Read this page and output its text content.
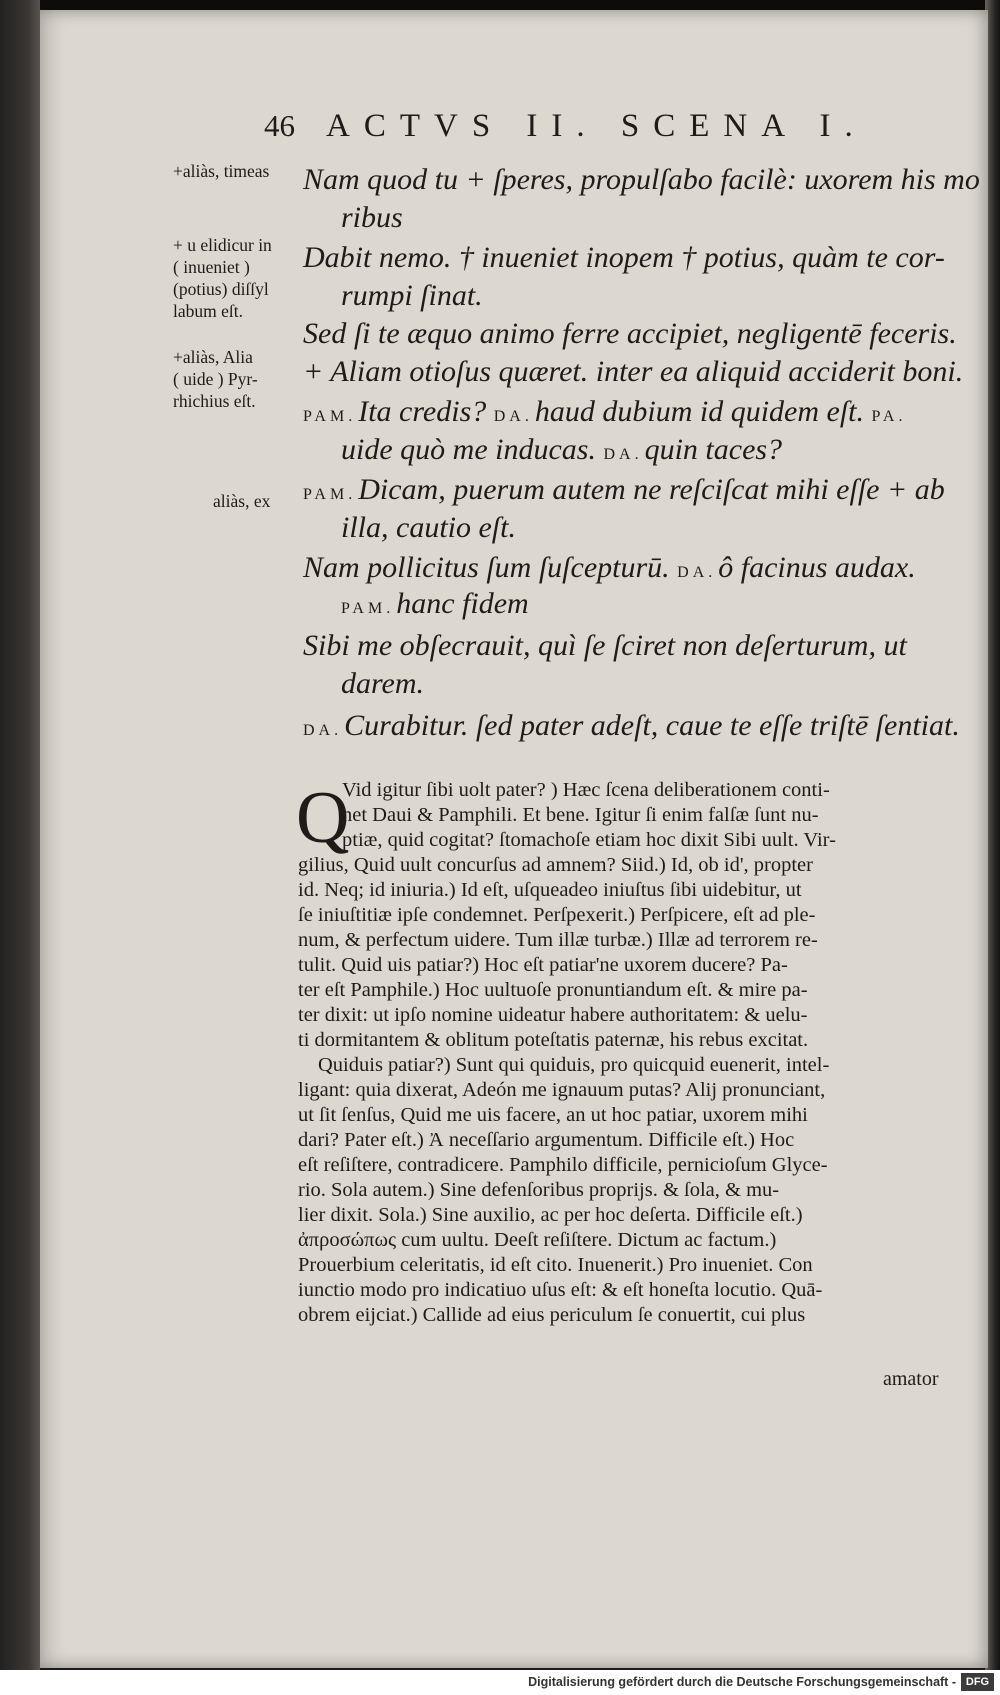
46 ACTVS II. SCENA I.
+aliàs, timeas
+ u elidicur in
( inueniet )
(potius) diſſyl
labum eſt.
+aliàs, Alia
( uide ) Pyr-
rhichius eſt.
aliàs, ex
Nam quod tu + ſperes, propulſabo facilè: uxorem his mo
ribus
Dabit nemo. † inueniet inopem † potius, quàm te cor-
rumpi ſinat.
Sed ſi te æquo animo ferre accipiet, negligentē feceris.
+ Aliam otioſus quæret. inter ea aliquid acciderit boni.
PAM.Ita credis? DA.haud dubium id quidem eſt. PA.
uide quò me inducas. DA.quin taces?
PAM.Dicam, puerum autem ne reſciſcat mihi eſſe + ab
illa, cautio eſt.
Nam pollicitus ſum ſuſcepturū. DA.ô facinus audax.
PAM.hanc fidem
Sibi me obſecrauit, quì ſe ſciret non deſerturum, ut
darem.
DA.Curabitur. ſed pater adeſt, caue te eſſe triſtē ſentiat.
Q
Vid igitur ſibi uolt pater? ) Hæc ſcena deliberationem conti-
net Daui & Pamphili. Et bene. Igitur ſi enim falſæ ſunt nu-
ptiæ, quid cogitat? ſtomachoſe etiam hoc dixit Sibi uult. Vir-
gilius, Quid uult concurſus ad amnem? Siid.) Id, ob id', propter
id. Neq; id iniuria.) Id eſt, uſqueadeo iniuſtus ſibi uidebitur, ut
ſe iniuſtitiæ ipſe condemnet. Perſpexerit.) Perſpicere, eſt ad ple-
num, & perfectum uidere. Tum illæ turbæ.) Illæ ad terrorem re-
tulit. Quid uis patiar?) Hoc eſt patiar'ne uxorem ducere? Pa-
ter eſt Pamphile.) Hoc uultuoſe pronuntiandum eſt. & mire pa-
ter dixit: ut ipſo nomine uideatur habere authoritatem: & uelu-
ti dormitantem & oblitum poteſtatis paternæ, his rebus excitat.
Quiduis patiar?) Sunt qui quiduis, pro quicquid euenerit, intel-
ligant: quia dixerat, Adeón me ignauum putas? Alij pronunciant,
ut ſit ſenſus, Quid me uis facere, an ut hoc patiar, uxorem mihi
dari? Pater eſt.) Ἀ neceſſario argumentum. Difficile eſt.) Hoc
eſt reſiſtere, contradicere. Pamphilo difficile, pernicioſum Glyce-
rio. Sola autem.) Sine defenſoribus proprijs. & ſola, & mu-
lier dixit. Sola.) Sine auxilio, ac per hoc deſerta. Difficile eſt.)
ἀπροσώπως cum uultu. Deeſt reſiſtere. Dictum ac factum.)
Prouerbium celeritatis, id eſt cito. Inuenerit.) Pro inueniet. Con
iunctio modo pro indicatiuo uſus eſt: & eſt honeſta locutio. Quā-
obrem eijciat.) Callide ad eius periculum ſe conuertit, cui plus
amator
Digitalisierung gefördert durch die Deutsche Forschungsgemeinschaft - DFG
